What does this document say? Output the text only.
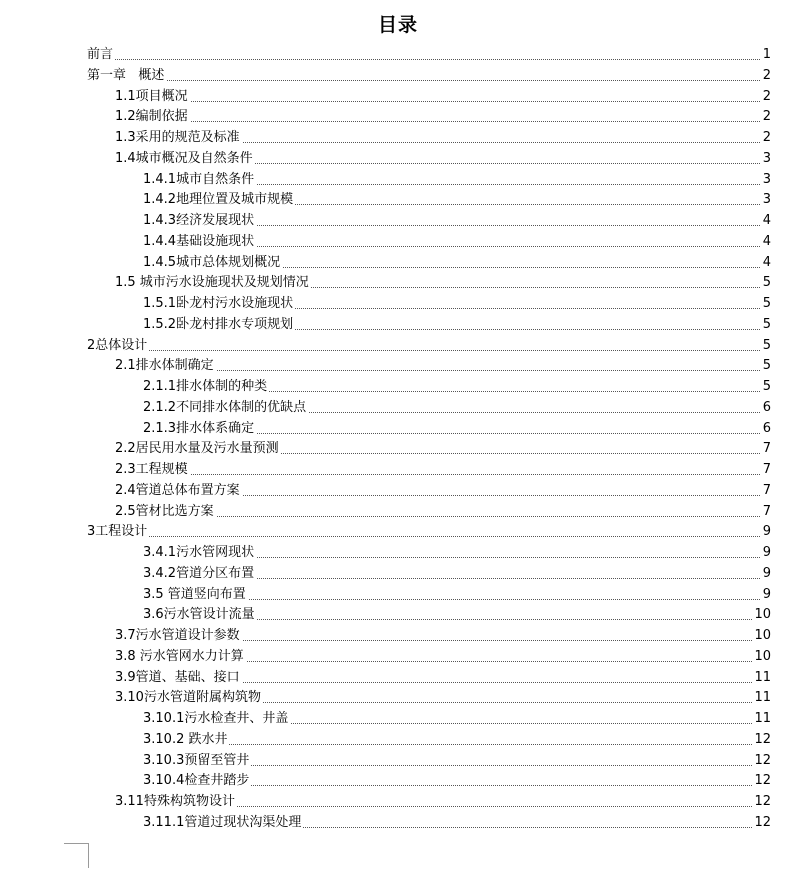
目录
前言	1
第一章   概述	2
1.1项目概况	2
1.2编制依据	2
1.3采用的规范及标准	2
1.4城市概况及自然条件	3
1.4.1城市自然条件	3
1.4.2地理位置及城市规模	3
1.4.3经济发展现状	4
1.4.4基础设施现状	4
1.4.5城市总体规划概况	4
1.5 城市污水设施现状及规划情况	5
1.5.1卧龙村污水设施现状	5
1.5.2卧龙村排水专项规划	5
2总体设计	5
2.1排水体制确定	5
2.1.1排水体制的种类	5
2.1.2不同排水体制的优缺点	6
2.1.3排水体系确定	6
2.2居民用水量及污水量预测	7
2.3工程规模	7
2.4管道总体布置方案	7
2.5管材比选方案	7
3工程设计	9
3.4.1污水管网现状	9
3.4.2管道分区布置	9
3.5 管道竖向布置	9
3.6污水管设计流量	10
3.7污水管道设计参数	10
3.8 污水管网水力计算	10
3.9管道、基础、接口	11
3.10污水管道附属构筑物	11
3.10.1污水检查井、井盖	11
3.10.2 跌水井	12
3.10.3预留至管井	12
3.10.4检查井踏步	12
3.11特殊构筑物设计	12
3.11.1管道过现状沟渠处理	12
